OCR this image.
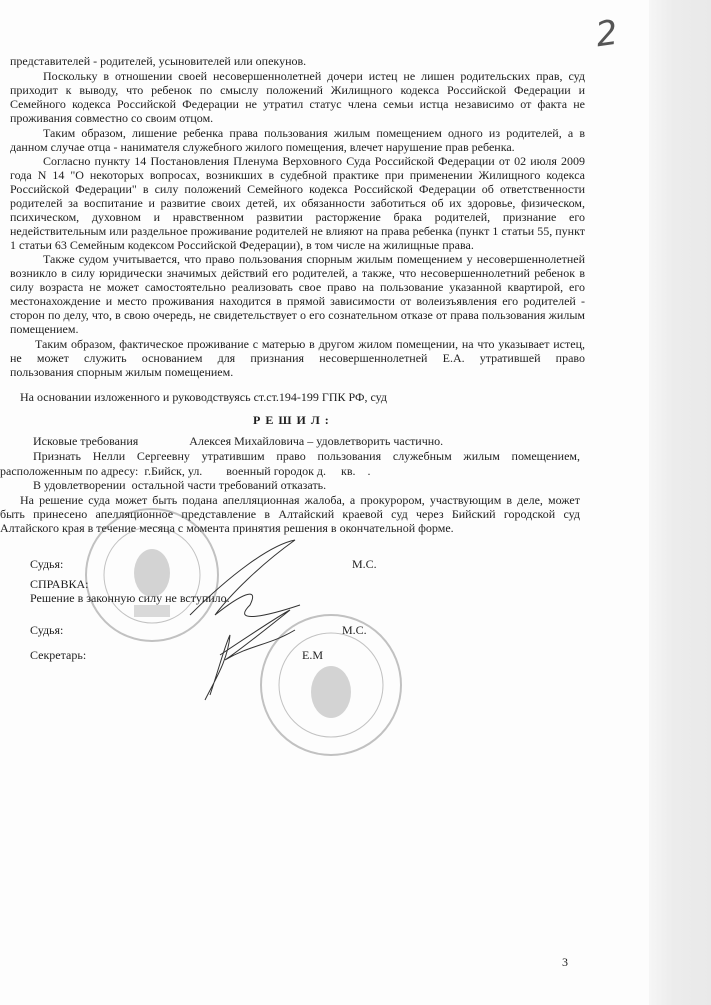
2
представителей - родителей, усыновителей или опекунов.
Поскольку в отношении своей несовершеннолетней дочери истец не лишен родительских прав, суд
приходит к выводу, что ребенок по смыслу положений Жилищного кодекса Российской Федерации и
Семейного кодекса Российской Федерации не утратил статус члена семьи истца независимо от факта не
проживания совместно со своим отцом.
Таким образом, лишение ребенка права пользования жилым помещением одного из родителей, а в
данном случае отца - нанимателя служебного жилого помещения, влечет нарушение прав ребенка.
Согласно пункту 14 Постановления Пленума Верховного Суда Российской Федерации от 02 июля 2009
года N 14 "О некоторых вопросах, возникших в судебной практике при применении Жилищного кодекса
Российской Федерации" в силу положений Семейного кодекса Российской Федерации об ответственности
родителей за воспитание и развитие своих детей, их обязанности заботиться об их здоровье, физическом,
психическом, духовном и нравственном развитии расторжение брака родителей, признание его
недействительным или раздельное проживание родителей не влияют на права ребенка (пункт 1 статьи 55, пункт
1 статьи 63 Семейным кодексом Российской Федерации), в том числе на жилищные права.
Также судом учитывается, что право пользования спорным жилым помещением у несовершеннолетней
возникло в силу юридически значимых действий его родителей, а также, что несовершеннолетний ребенок в
силу возраста не может самостоятельно реализовать свое право на пользование указанной квартирой, его
местонахождение и место проживания находится в прямой зависимости от волеизъявления его родителей -
сторон по делу, что, в свою очередь, не свидетельствует о его сознательном отказе от права пользования жилым
помещением.
Таким образом, фактическое проживание с матерью в другом жилом помещении, на что указывает истец,
не может служить основанием для признания несовершеннолетней Е.А. утратившей право
пользования спорным жилым помещением.
На основании изложенного и руководствуясь ст.ст.194-199 ГПК РФ, суд
Р Е Ш И Л :
Исковые требования                 Алексея Михайловича – удовлетворить частично.
Признать Нелли Сергеевну утратившим право пользования служебным жилым помещением,
расположенным по адресу:  г.Бийск, ул.        военный городок д.     кв.    .
В удовлетворении  остальной части требований отказать.
На решение суда может быть подана апелляционная жалоба, а прокурором, участвующим в деле, может
быть принесено апелляционное представление в Алтайский краевой суд через Бийский городской суд
Алтайского края в течение месяца с момента принятия решения в окончательной форме.
Судья:	М.С.
СПРАВКА:
Решение в законную силу не вступило.
Судья:	М.С.
Секретарь:	Е.М
3
